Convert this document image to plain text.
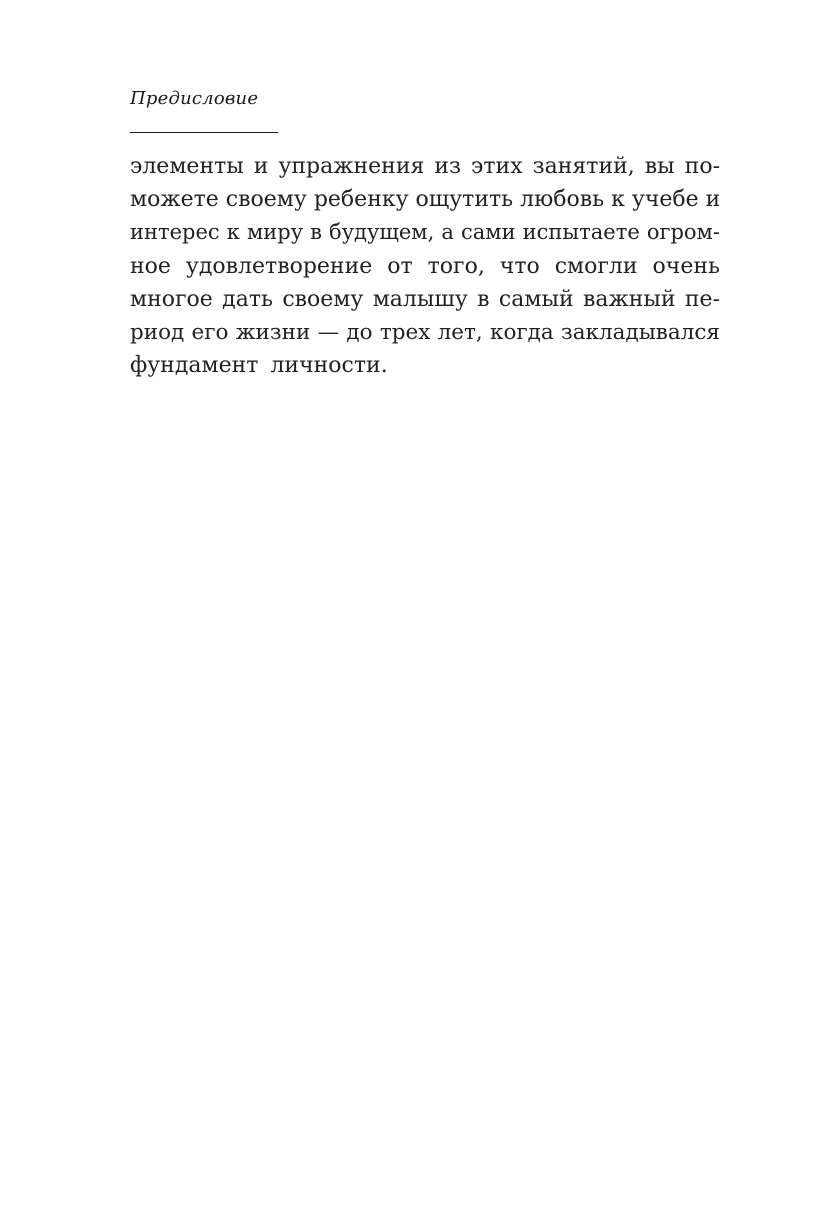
Предисловие
элементы и упражнения из этих занятий, вы по-
можете своему ребенку ощутить любовь к учебе и
интерес к миру в будущем, а сами испытаете огром-
ное удовлетворение от того, что смогли очень
многое дать своему малышу в самый важный пе-
риод его жизни — до трех лет, когда закладывался
фундамент личности.
